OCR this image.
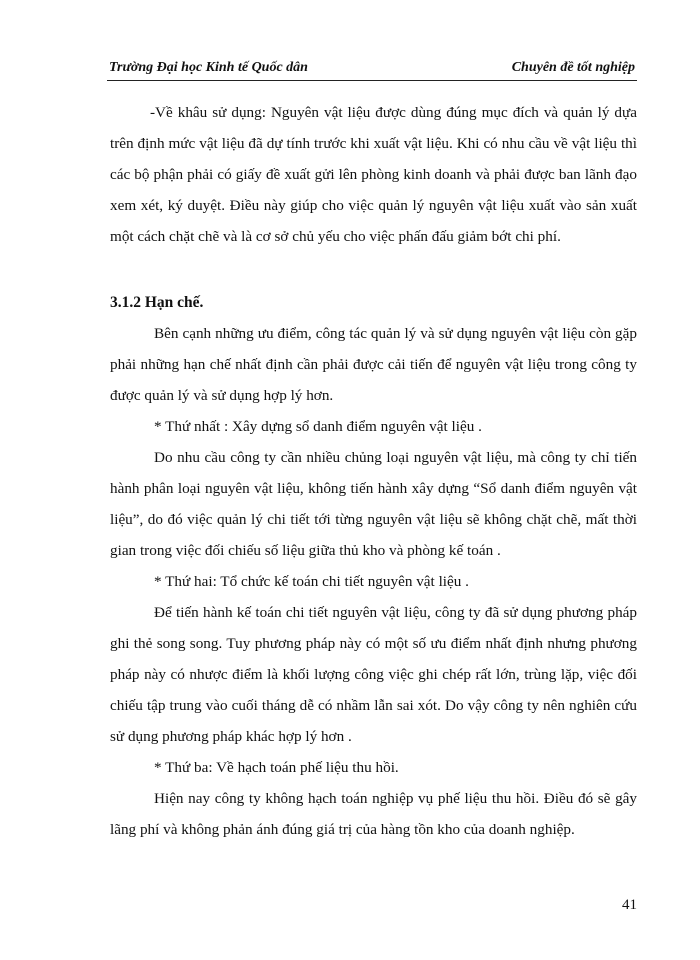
Trường Đại học Kinh tế Quốc dân	Chuyên đề tốt nghiệp

-Về khâu sử dụng: Nguyên vật liệu được dùng đúng mục đích và quản lý dựa trên định mức vật liệu đã dự tính trước khi xuất vật liệu. Khi có nhu cầu về vật liệu thì các bộ phận phải có giấy đề xuất gửi lên phòng kinh doanh và phải được ban lãnh đạo xem xét, ký duyệt. Điều này giúp cho việc quản lý nguyên vật liệu xuất vào sản xuất một cách chặt chẽ và là cơ sở chủ yếu cho việc phấn đấu giảm bớt chi phí.

3.1.2 Hạn chế.

Bên cạnh những ưu điểm, công tác quản lý và sử dụng nguyên vật liệu còn gặp phải những hạn chế nhất định cần phải được cải tiến để nguyên vật liệu trong công ty được quản lý và sử dụng hợp lý hơn.

* Thứ nhất : Xây dựng sổ danh điểm nguyên vật liệu .

Do nhu cầu công ty cần nhiều chủng loại nguyên vật liệu, mà công ty chỉ tiến hành phân loại nguyên vật liệu, không tiến hành xây dựng “Sổ danh điểm nguyên vật liệu”, do đó việc quản lý chi tiết tới từng nguyên vật liệu sẽ không chặt chẽ, mất thời gian trong việc đối chiếu số liệu giữa thủ kho và phòng kế toán .

* Thứ hai: Tổ chức kế toán chi tiết nguyên vật liệu .

Để tiến hành kế toán chi tiết nguyên vật liệu, công ty đã sử dụng phương pháp ghi thẻ song song. Tuy phương pháp này có một số ưu điểm nhất định nhưng phương pháp này có nhược điểm là khối lượng công việc ghi chép rất lớn, trùng lặp, việc đối chiếu tập trung vào cuối tháng dễ có nhầm lẫn sai xót. Do vậy công ty nên nghiên cứu sử dụng phương pháp khác hợp lý hơn .

* Thứ ba: Về hạch toán phế liệu thu hồi.

Hiện nay công ty không hạch toán nghiệp vụ phế liệu thu hồi. Điều đó sẽ gây lãng phí và không phản ánh đúng giá trị của hàng tồn kho của doanh nghiệp.

41
